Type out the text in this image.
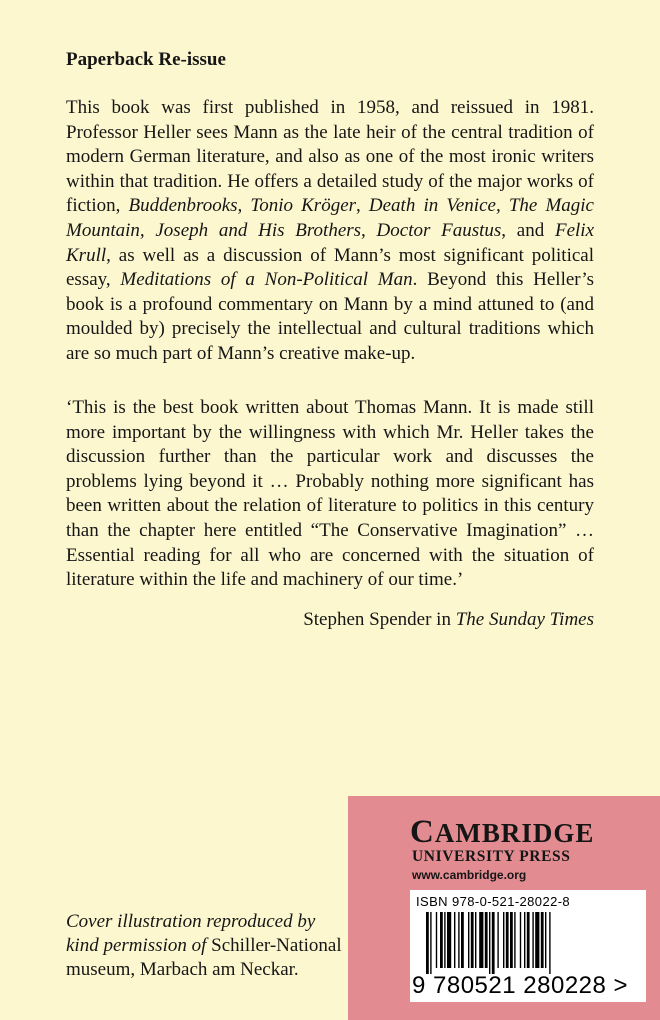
Paperback Re-issue
This book was first published in 1958, and reissued in 1981. Professor Heller sees Mann as the late heir of the central tradition of modern German literature, and also as one of the most ironic writers within that tradition. He offers a detailed study of the major works of fiction, Buddenbrooks, Tonio Kröger, Death in Venice, The Magic Mountain, Joseph and His Brothers, Doctor Faustus, and Felix Krull, as well as a discussion of Mann’s most significant political essay, Meditations of a Non-Political Man. Beyond this Heller’s book is a profound commentary on Mann by a mind attuned to (and moulded by) precisely the intellectual and cultural traditions which are so much part of Mann’s creative make-up.
‘This is the best book written about Thomas Mann. It is made still more important by the willingness with which Mr. Heller takes the discussion further than the particular work and discusses the problems lying beyond it … Probably nothing more significant has been written about the relation of literature to politics in this century than the chapter here entitled “The Conservative Imagination” … Essential reading for all who are concerned with the situation of literature within the life and machinery of our time.’
Stephen Spender in The Sunday Times
Cover illustration reproduced by kind permission of Schiller-National museum, Marbach am Neckar.
CAMBRIDGE
UNIVERSITY PRESS
www.cambridge.org
ISBN 978-0-521-28022-8
9 780521 280228 >
